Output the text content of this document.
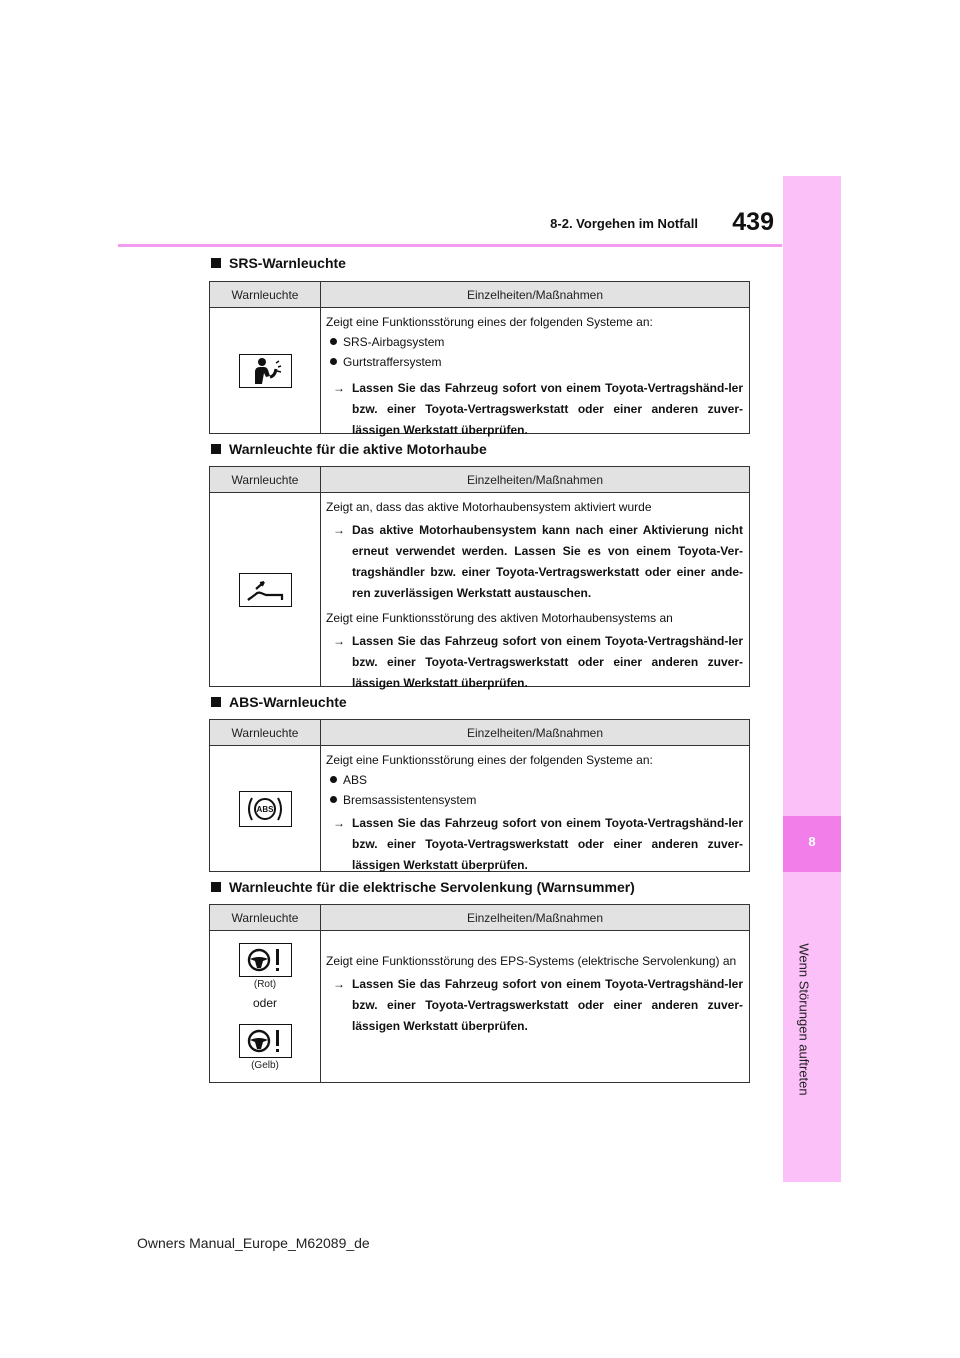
8-2. Vorgehen im Notfall	439
8
Wenn Störungen auftreten
SRS-Warnleuchte
Warnleuchte	Einzelheiten/Maßnahmen
Zeigt eine Funktionsstörung eines der folgenden Systeme an:
SRS-Airbagsystem
Gurtstraffersystem
→ Lassen Sie das Fahrzeug sofort von einem Toyota-Vertragshänd-ler bzw. einer Toyota-Vertragswerkstatt oder einer anderen zuver-lässigen Werkstatt überprüfen.
Warnleuchte für die aktive Motorhaube
Warnleuchte	Einzelheiten/Maßnahmen
Zeigt an, dass das aktive Motorhaubensystem aktiviert wurde
→ Das aktive Motorhaubensystem kann nach einer Aktivierung nicht erneut verwendet werden. Lassen Sie es von einem Toyota-Ver-tragshändler bzw. einer Toyota-Vertragswerkstatt oder einer ande-ren zuverlässigen Werkstatt austauschen.
Zeigt eine Funktionsstörung des aktiven Motorhaubensystems an
→ Lassen Sie das Fahrzeug sofort von einem Toyota-Vertragshänd-ler bzw. einer Toyota-Vertragswerkstatt oder einer anderen zuver-lässigen Werkstatt überprüfen.
ABS-Warnleuchte
Warnleuchte	Einzelheiten/Maßnahmen
ABS
Zeigt eine Funktionsstörung eines der folgenden Systeme an:
ABS
Bremsassistentensystem
→ Lassen Sie das Fahrzeug sofort von einem Toyota-Vertragshänd-ler bzw. einer Toyota-Vertragswerkstatt oder einer anderen zuver-lässigen Werkstatt überprüfen.
Warnleuchte für die elektrische Servolenkung (Warnsummer)
Warnleuchte	Einzelheiten/Maßnahmen
(Rot)
oder
(Gelb)
Zeigt eine Funktionsstörung des EPS-Systems (elektrische Servolenkung) an
→ Lassen Sie das Fahrzeug sofort von einem Toyota-Vertragshänd-ler bzw. einer Toyota-Vertragswerkstatt oder einer anderen zuver-lässigen Werkstatt überprüfen.
Owners Manual_Europe_M62089_de
